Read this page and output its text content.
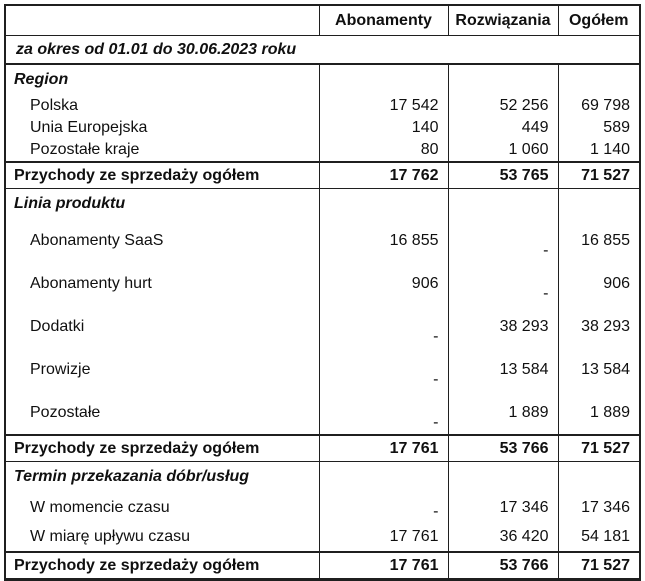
	Abonamenty	Rozwiązania	Ogółem
za okres od 01.01 do 30.06.2023 roku			
Region			
Polska	17 542	52 256	69 798
Unia Europejska	140	449	589
Pozostałe kraje	80	1 060	1 140
Przychody ze sprzedaży ogółem	17 762	53 765	71 527
Linia produktu			
Abonamenty SaaS	16 855	-	16 855
Abonamenty hurt	906	-	906
Dodatki	-	38 293	38 293
Prowizje	-	13 584	13 584
Pozostałe	-	1 889	1 889
Przychody ze sprzedaży ogółem	17 761	53 766	71 527
Termin przekazania dóbr/usług			
W momencie czasu	-	17 346	17 346
W miarę upływu czasu	17 761	36 420	54 181
Przychody ze sprzedaży ogółem	17 761	53 766	71 527
